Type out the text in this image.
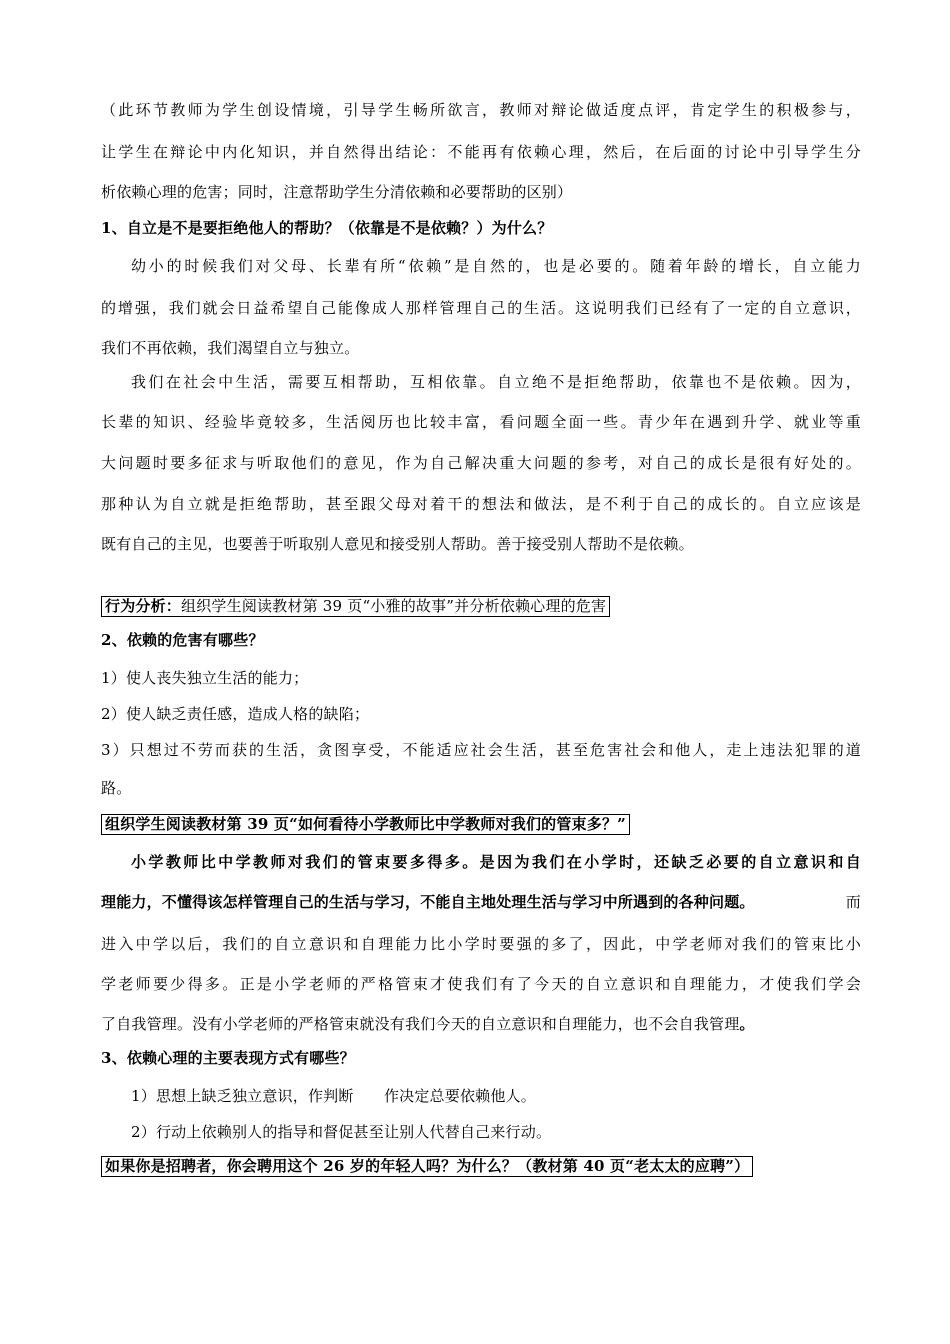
（此环节教师为学生创设情境，引导学生畅所欲言，教师对辩论做适度点评，肯定学生的积极参与，
让学生在辩论中内化知识，并自然得出结论：不能再有依赖心理，然后，在后面的讨论中引导学生分
析依赖心理的危害；同时，注意帮助学生分清依赖和必要帮助的区别）
1、自立是不是要拒绝他人的帮助？（依靠是不是依赖？）为什么？
幼小的时候我们对父母、长辈有所“依赖”是自然的，也是必要的。随着年龄的增长，自立能力
的增强，我们就会日益希望自己能像成人那样管理自己的生活。这说明我们已经有了一定的自立意识，
我们不再依赖，我们渴望自立与独立。
我们在社会中生活，需要互相帮助，互相依靠。自立绝不是拒绝帮助，依靠也不是依赖。因为，
长辈的知识、经验毕竟较多，生活阅历也比较丰富，看问题全面一些。青少年在遇到升学、就业等重
大问题时要多征求与听取他们的意见，作为自己解决重大问题的参考，对自己的成长是很有好处的。
那种认为自立就是拒绝帮助，甚至跟父母对着干的想法和做法，是不利于自己的成长的。自立应该是
既有自己的主见，也要善于听取别人意见和接受别人帮助。善于接受别人帮助不是依赖。
行为分析：组织学生阅读教材第 39 页“小雅的故事”并分析依赖心理的危害
2、依赖的危害有哪些？
1）使人丧失独立生活的能力；
2）使人缺乏责任感，造成人格的缺陷；
3）只想过不劳而获的生活，贪图享受，不能适应社会生活，甚至危害社会和他人，走上违法犯罪的道
路。
组织学生阅读教材第 39 页“如何看待小学教师比中学教师对我们的管束多？”
小学教师比中学教师对我们的管束要多得多。是因为我们在小学时，还缺乏必要的自立意识和自
理能力，不懂得该怎样管理自己的生活与学习，不能自主地处理生活与学习中所遇到的各种问题。	而
进入中学以后，我们的自立意识和自理能力比小学时要强的多了，因此，中学老师对我们的管束比小
学老师要少得多。正是小学老师的严格管束才使我们有了今天的自立意识和自理能力，才使我们学会
了自我管理。没有小学老师的严格管束就没有我们今天的自立意识和自理能力，也不会自我管理。
3、依赖心理的主要表现方式有哪些？
1）思想上缺乏独立意识，作判断　　作决定总要依赖他人。
2）行动上依赖别人的指导和督促甚至让别人代替自己来行动。
如果你是招聘者，你会聘用这个 26 岁的年轻人吗？为什么？（教材第 40 页“老太太的应聘”）
